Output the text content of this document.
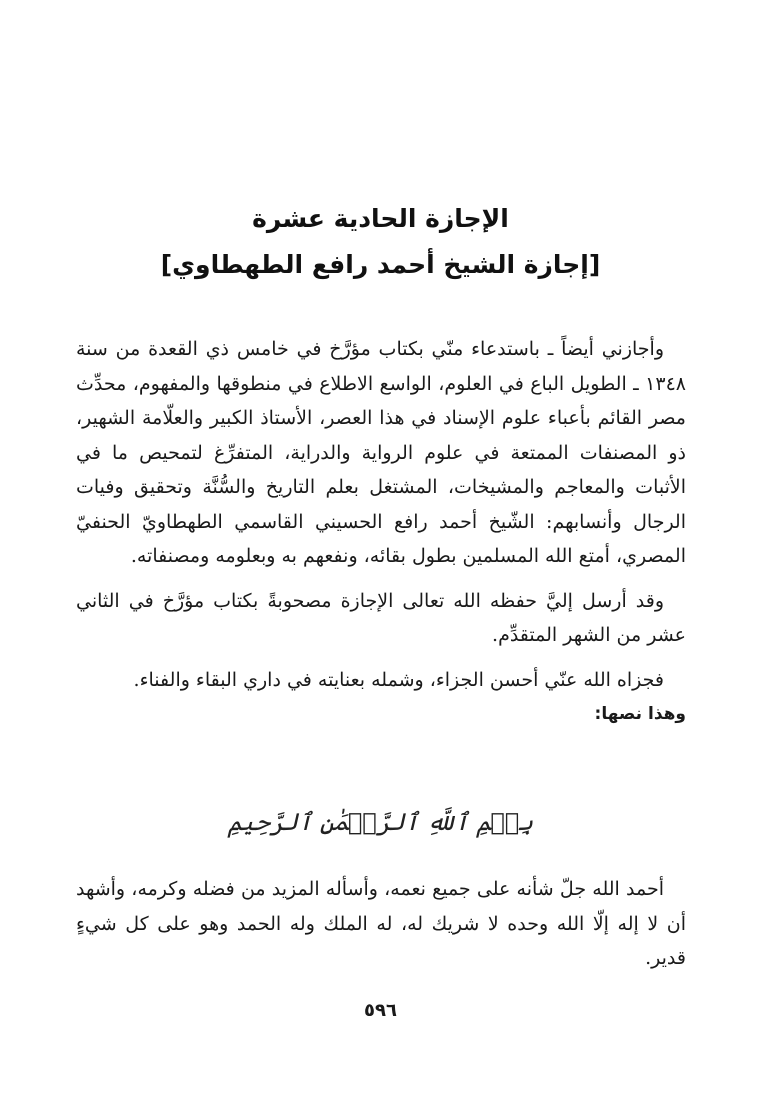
الإجازة الحادية عشرة
[إجازة الشيخ أحمد رافع الطهطاوي]

وأجازني أيضاً ـ باستدعاء منّي بكتاب مؤرَّخ في خامس ذي القعدة من سنة ١٣٤٨ ـ الطويل الباع في العلوم، الواسع الاطلاع في منطوقها والمفهوم، محدِّث مصر القائم بأعباء علوم الإسناد في هذا العصر، الأستاذ الكبير والعلّامة الشهير، ذو المصنفات الممتعة في علوم الرواية والدراية، المتفرِّغ لتمحيص ما في الأثبات والمعاجم والمشيخات، المشتغل بعلم التاريخ والسُّنَّة وتحقيق وفيات الرجال وأنسابهم: الشّيخ أحمد رافع الحسيني القاسمي الطهطاويّ الحنفيّ المصري، أمتع الله المسلمين بطول بقائه، ونفعهم به وبعلومه ومصنفاته.

وقد أرسل إليَّ حفظه الله تعالى الإجازة مصحوبةً بكتاب مؤرَّخ في الثاني عشر من الشهر المتقدِّم.

فجزاه الله عنّي أحسن الجزاء، وشمله بعنايته في داري البقاء والفناء.

وهذا نصها:

بِسۡمِ ٱللَّهِ ٱلرَّحۡمَٰنِ ٱلرَّحِيمِ

أحمد الله جلّ شأنه على جميع نعمه، وأسأله المزيد من فضله وكرمه، وأشهد أن لا إله إلّا الله وحده لا شريك له، له الملك وله الحمد وهو على كل شيءٍ قدير.

٥٩٦
